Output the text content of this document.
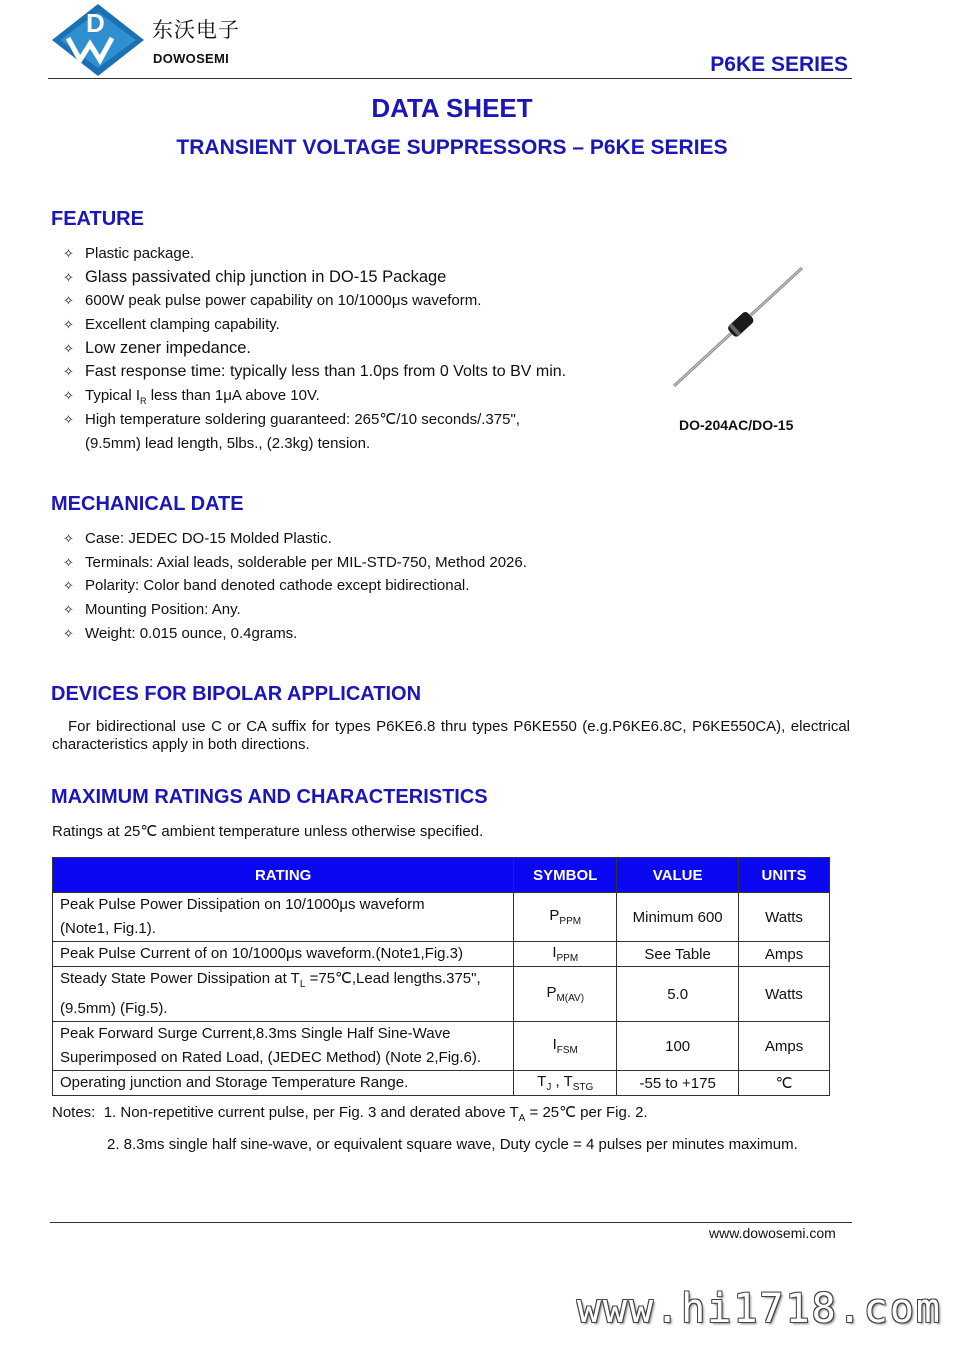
D 东沃电子
DOWOSEMI	P6KE SERIES
DATA SHEET
TRANSIENT VOLTAGE SUPPRESSORS – P6KE SERIES
FEATURE
✧ Plastic package.
✧ Glass passivated chip junction in DO-15 Package
✧ 600W peak pulse power capability on 10/1000μs waveform.
✧ Excellent clamping capability.
✧ Low zener impedance.
✧ Fast response time: typically less than 1.0ps from 0 Volts to BV min.
✧ Typical $I_R$ less than 1μA above 10V.
✧ High temperature soldering guaranteed: 265℃/10 seconds/.375",
(9.5mm) lead length, 5lbs., (2.3kg) tension.
DO-204AC/DO-15
MECHANICAL DATE
✧ Case: JEDEC DO-15 Molded Plastic.
✧ Terminals: Axial leads, solderable per MIL-STD-750, Method 2026.
✧ Polarity: Color band denoted cathode except bidirectional.
✧ Mounting Position: Any.
✧ Weight: 0.015 ounce, 0.4grams.
DEVICES FOR BIPOLAR APPLICATION
For bidirectional use C or CA suffix for types P6KE6.8 thru types P6KE550 (e.g.P6KE6.8C, P6KE550CA), electrical characteristics apply in both directions.
MAXIMUM RATINGS AND CHARACTERISTICS
Ratings at 25℃ ambient temperature unless otherwise specified.
RATING	SYMBOL	VALUE	UNITS
Peak Pulse Power Dissipation on 10/1000μs waveform
(Note1, Fig.1).	$P_{PPM}$	Minimum 600	Watts
Peak Pulse Current of on 10/1000μs waveform.(Note1,Fig.3)	$I_{PPM}$	See Table	Amps
Steady State Power Dissipation at $T_L$ =75℃,Lead lengths.375",
(9.5mm) (Fig.5).	$P_{M(AV)}$	5.0	Watts
Peak Forward Surge Current,8.3ms Single Half Sine-Wave
Superimposed on Rated Load, (JEDEC Method) (Note 2,Fig.6).	$I_{FSM}$	100	Amps
Operating junction and Storage Temperature Range.	$T_J$ , $T_{STG}$	-55 to +175	℃
Notes: 1. Non-repetitive current pulse, per Fig. 3 and derated above $T_A$ = 25℃ per Fig. 2.
2. 8.3ms single half sine-wave, or equivalent square wave, Duty cycle = 4 pulses per minutes maximum.
www.dowosemi.com
www.hi1718.com
